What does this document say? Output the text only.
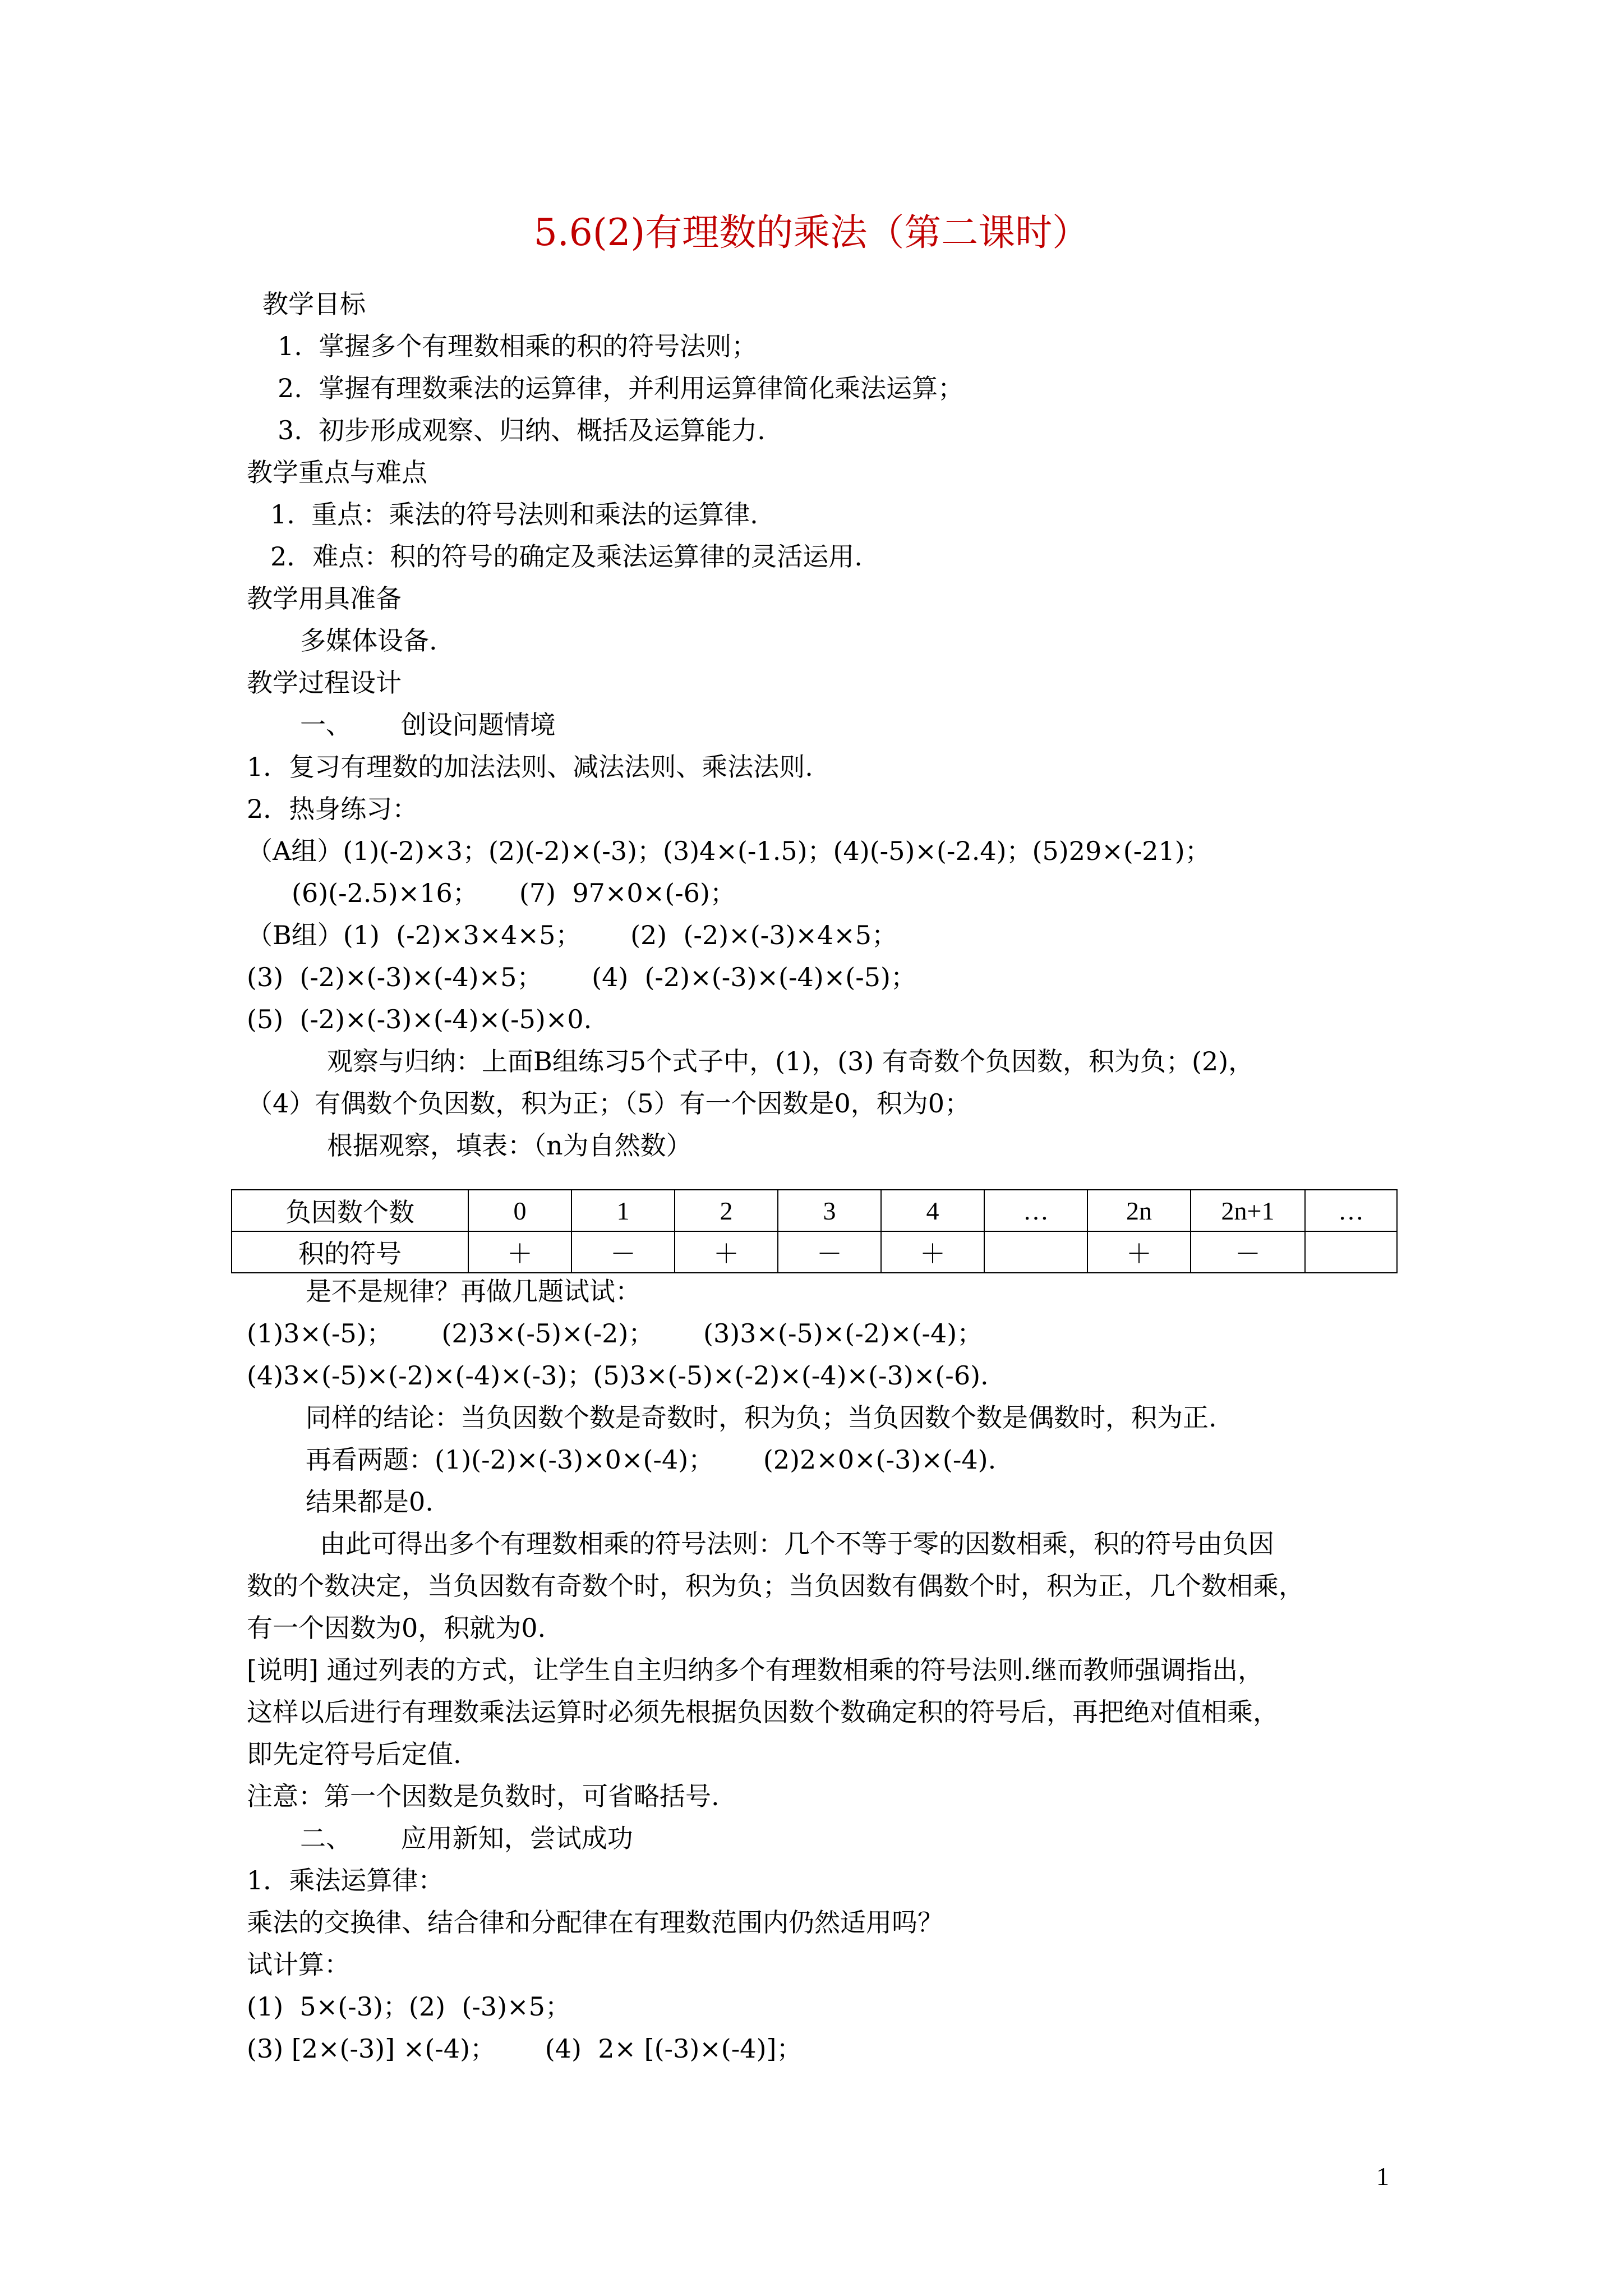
5.6(2)有理数的乘法（第二课时）
教学目标
1.  掌握多个有理数相乘的积的符号法则；
2.  掌握有理数乘法的运算律，并利用运算律简化乘法运算；
3.  初步形成观察、归纳、概括及运算能力.
教学重点与难点
1.  重点：乘法的符号法则和乘法的运算律.
2．难点：积的符号的确定及乘法运算律的灵活运用.
教学用具准备
多媒体设备.
教学过程设计
一、      创设问题情境
1．复习有理数的加法法则、减法法则、乘法法则.
2．热身练习：
（A组）(1)(-2)×3；(2)(-2)×(-3)；(3)4×(-1.5)；(4)(-5)×(-2.4)；(5)29×(-21)；
(6)(-2.5)×16；     (7)  97×0×(-6)；
（B组）(1)  (-2)×3×4×5；      (2)  (-2)×(-3)×4×5；
(3)  (-2)×(-3)×(-4)×5；      (4)  (-2)×(-3)×(-4)×(-5)；
(5)  (-2)×(-3)×(-4)×(-5)×0.
观察与归纳：上面B组练习5个式子中，(1)，(3) 有奇数个负因数，积为负；(2)，
（4）有偶数个负因数，积为正；（5）有一个因数是0，积为0；
根据观察，填表：（n为自然数）
负因数个数	0	1	2	3	4	…	2n	2n+1	…
积的符号	＋	－	＋	－	＋		＋	－	
是不是规律？再做几题试试：
(1)3×(-5)；      (2)3×(-5)×(-2)；      (3)3×(-5)×(-2)×(-4)；
(4)3×(-5)×(-2)×(-4)×(-3)；(5)3×(-5)×(-2)×(-4)×(-3)×(-6).
同样的结论：当负因数个数是奇数时，积为负；当负因数个数是偶数时，积为正.
再看两题：(1)(-2)×(-3)×0×(-4)；      (2)2×0×(-3)×(-4).
结果都是0.
由此可得出多个有理数相乘的符号法则：几个不等于零的因数相乘，积的符号由负因
数的个数决定，当负因数有奇数个时，积为负；当负因数有偶数个时，积为正，几个数相乘，
有一个因数为0，积就为0.
[说明] 通过列表的方式，让学生自主归纳多个有理数相乘的符号法则.继而教师强调指出，
这样以后进行有理数乘法运算时必须先根据负因数个数确定积的符号后，再把绝对值相乘，
即先定符号后定值.
注意：第一个因数是负数时，可省略括号.
二、      应用新知，尝试成功
1．乘法运算律：
乘法的交换律、结合律和分配律在有理数范围内仍然适用吗？
试计算：
(1)  5×(-3)；(2)  (-3)×5；
(3) [2×(-3)] ×(-4)；      (4)  2× [(-3)×(-4)]；
1
